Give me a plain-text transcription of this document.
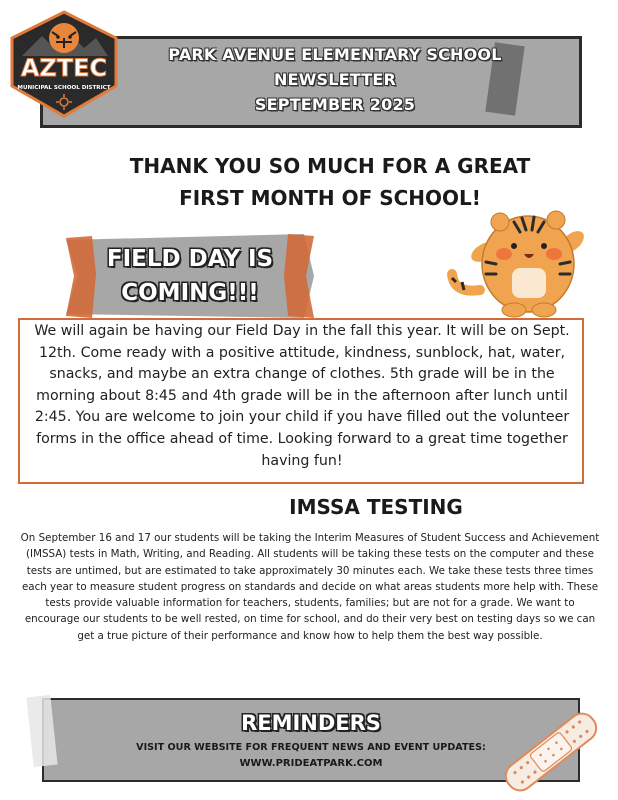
PARK AVENUE ELEMENTARY SCHOOL
NEWSLETTER
SEPTEMBER 2025
AZTEC
MUNICIPAL SCHOOL DISTRICT
THANK YOU SO MUCH FOR A GREAT
FIRST MONTH OF SCHOOL!
FIELD DAY IS
COMING!!!
We will again be having our Field Day in the fall this year. It will be on Sept. 12th. Come ready with a positive attitude, kindness, sunblock, hat, water, snacks, and maybe an extra change of clothes. 5th grade will be in the morning about 8:45 and 4th grade will be in the afternoon after lunch until 2:45. You are welcome to join your child if you have filled out the volunteer forms in the office ahead of time. Looking forward to a great time together having fun!
IMSSA TESTING
On September 16 and 17 our students will be taking the Interim Measures of Student Success and Achievement (IMSSA) tests in Math, Writing, and Reading. All students will be taking these tests on the computer and these tests are untimed, but are estimated to take approximately 30 minutes each. We take these tests three times each year to measure student progress on standards and decide on what areas students more help with. These tests provide valuable information for teachers, students, families; but are not for a grade. We want to encourage our students to be well rested, on time for school, and do their very best on testing days so we can get a true picture of their performance and know how to help them the best way possible.
REMINDERS
VISIT OUR WEBSITE FOR FREQUENT NEWS AND EVENT UPDATES:
WWW.PRIDEATPARK.COM
